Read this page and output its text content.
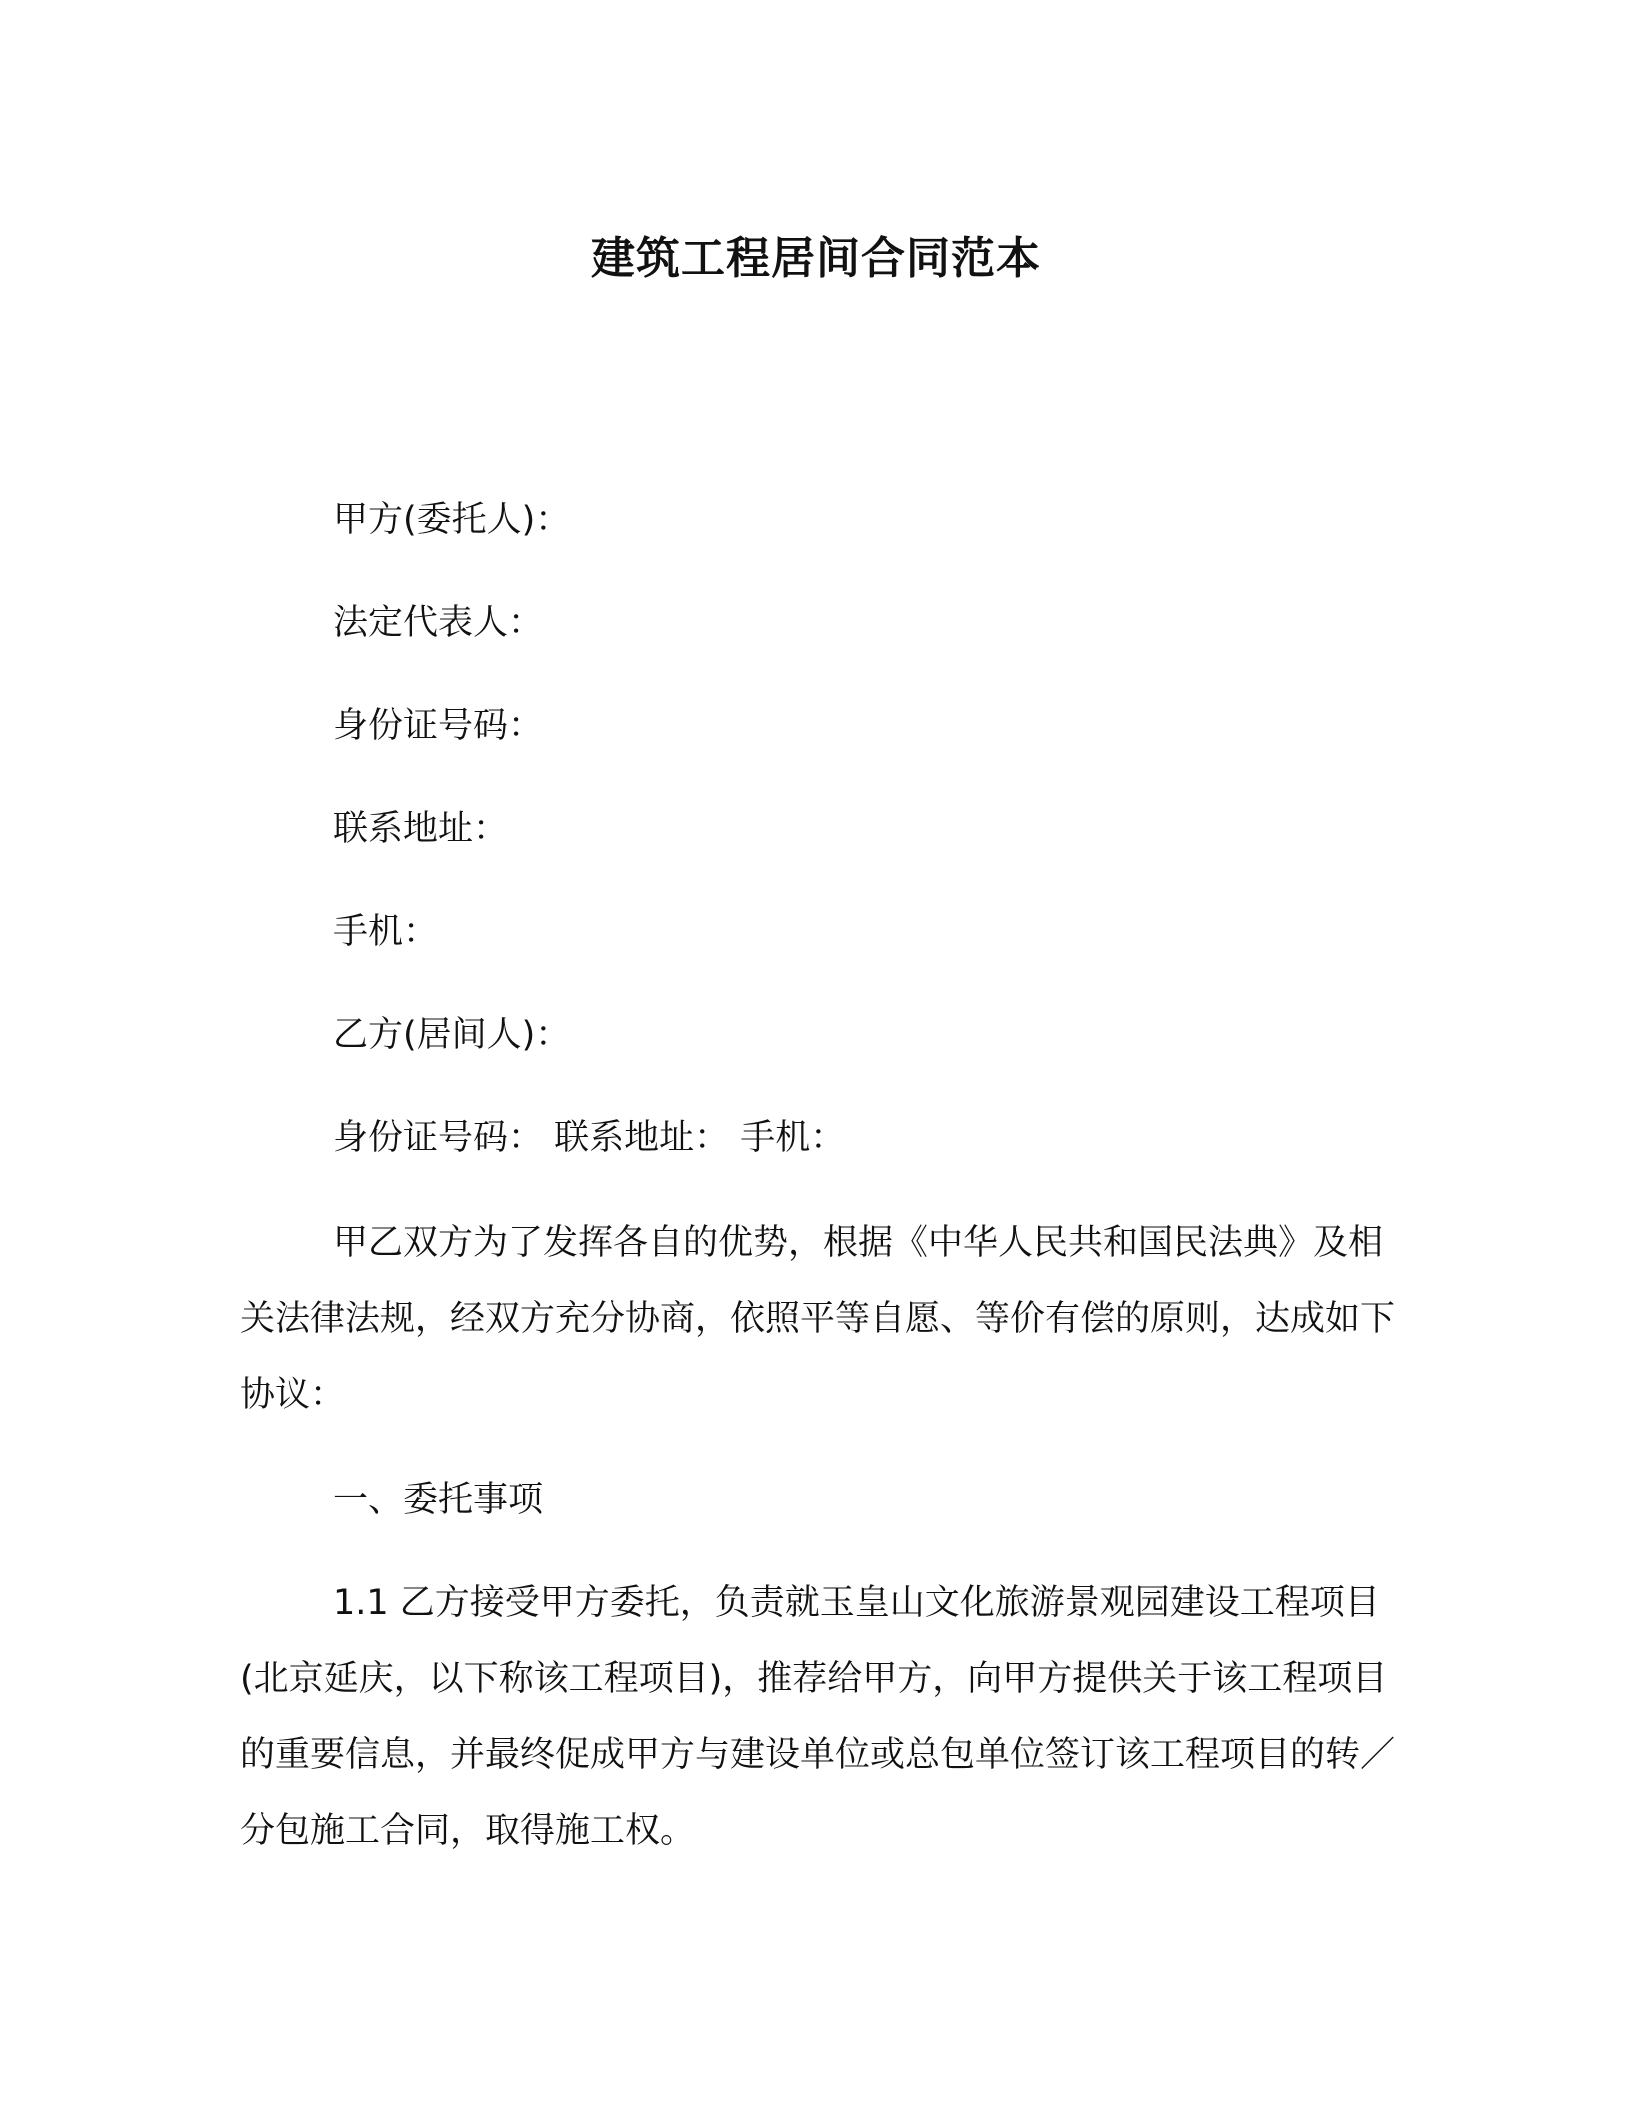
建筑工程居间合同范本
甲方(委托人)：
法定代表人：
身份证号码：
联系地址：
手机：
乙方(居间人)：
身份证号码： 联系地址： 手机：

甲乙双方为了发挥各自的优势，根据《中华人民共和国民法典》及相关法律法规，经双方充分协商，依照平等自愿、等价有偿的原则，达成如下协议：

一、委托事项

1.1 乙方接受甲方委托，负责就玉皇山文化旅游景观园建设工程项目(北京延庆，以下称该工程项目)，推荐给甲方，向甲方提供关于该工程项目的重要信息，并最终促成甲方与建设单位或总包单位签订该工程项目的转／分包施工合同，取得施工权。
